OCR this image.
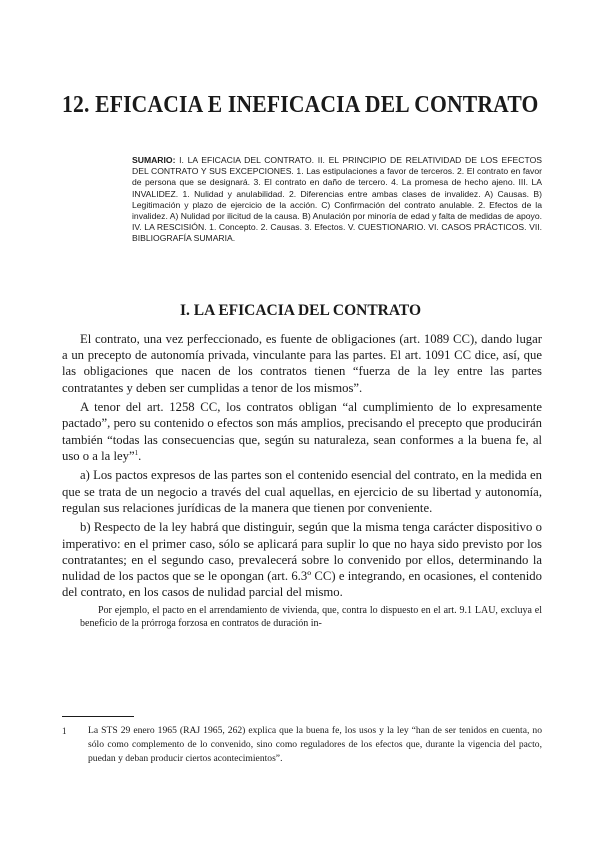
12. EFICACIA E INEFICACIA DEL CONTRATO

SUMARIO: I. LA EFICACIA DEL CONTRATO. II. EL PRINCIPIO DE RELATIVIDAD DE LOS EFECTOS DEL CONTRATO Y SUS EXCEPCIONES. 1. Las estipulaciones a favor de terceros. 2. El contrato en favor de persona que se designará. 3. El contrato en daño de tercero. 4. La promesa de hecho ajeno. III. LA INVALIDEZ. 1. Nulidad y anulabilidad. 2. Diferencias entre ambas clases de invalidez. A) Causas. B) Legitimación y plazo de ejercicio de la acción. C) Confirmación del contrato anulable. 2. Efectos de la invalidez. A) Nulidad por ilicitud de la causa. B) Anulación por minoría de edad y falta de medidas de apoyo. IV. LA RESCISIÓN. 1. Concepto. 2. Causas. 3. Efectos. V. CUESTIONARIO. VI. CASOS PRÁCTICOS. VII. BIBLIOGRAFÍA SUMARIA.

I. LA EFICACIA DEL CONTRATO

El contrato, una vez perfeccionado, es fuente de obligaciones (art. 1089 CC), dando lugar a un precepto de autonomía privada, vinculante para las partes. El art. 1091 CC dice, así, que las obligaciones que nacen de los contratos tienen “fuerza de la ley entre las partes contratantes y deben ser cumplidas a tenor de los mismos”.

A tenor del art. 1258 CC, los contratos obligan “al cumplimiento de lo expresamente pactado”, pero su contenido o efectos son más amplios, precisando el precepto que producirán también “todas las consecuencias que, según su naturaleza, sean conformes a la buena fe, al uso o a la ley”$^1$.

a) Los pactos expresos de las partes son el contenido esencial del contrato, en la medida en que se trata de un negocio a través del cual aquellas, en ejercicio de su libertad y autonomía, regulan sus relaciones jurídicas de la manera que tienen por conveniente.

b) Respecto de la ley habrá que distinguir, según que la misma tenga carácter dispositivo o imperativo: en el primer caso, sólo se aplicará para suplir lo que no haya sido previsto por los contratantes; en el segundo caso, prevalecerá sobre lo convenido por ellos, determinando la nulidad de los pactos que se le opongan (art. 6.3º CC) e integrando, en ocasiones, el contenido del contrato, en los casos de nulidad parcial del mismo.

Por ejemplo, el pacto en el arrendamiento de vivienda, que, contra lo dispuesto en el art. 9.1 LAU, excluya el beneficio de la prórroga forzosa en contratos de duración in-

1 La STS 29 enero 1965 (RAJ 1965, 262) explica que la buena fe, los usos y la ley “han de ser tenidos en cuenta, no sólo como complemento de lo convenido, sino como reguladores de los efectos que, durante la vigencia del pacto, puedan y deban producir ciertos acontecimientos”.
